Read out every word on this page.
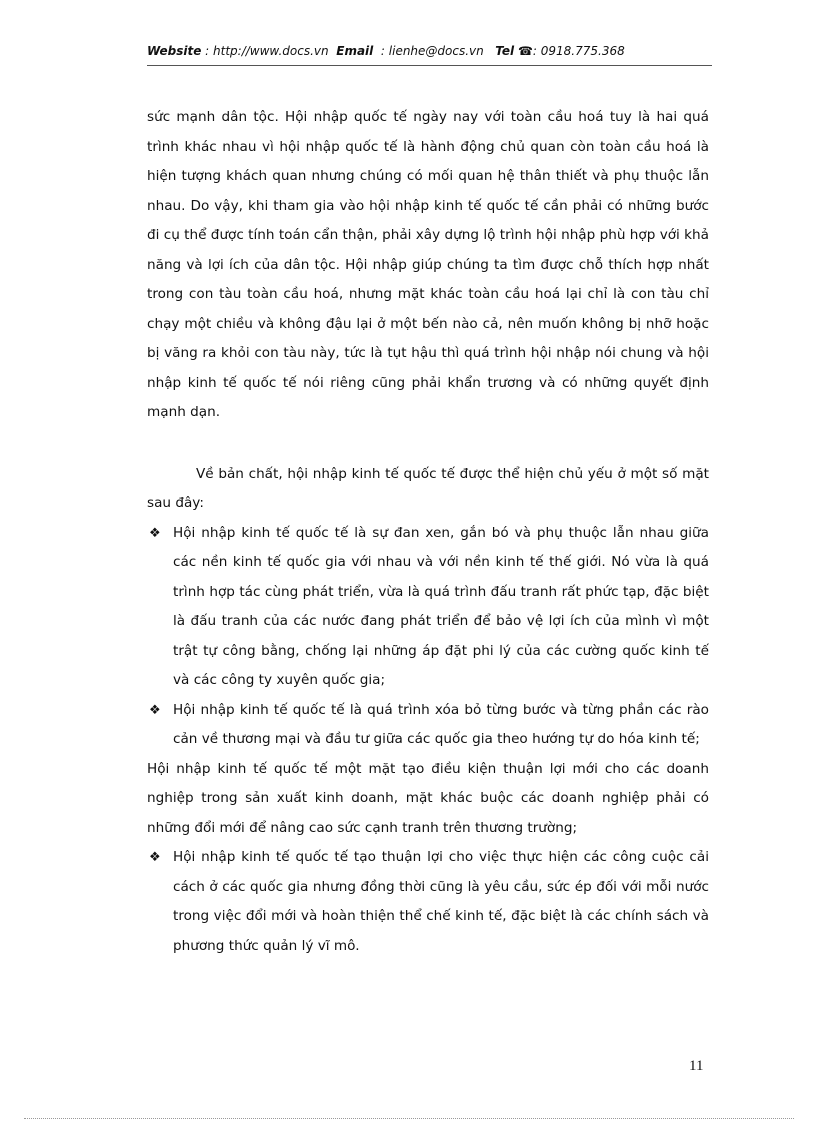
Website : http://www.docs.vn Email : lienhe@docs.vn Tel ☎: 0918.775.368

sức mạnh dân tộc. Hội nhập quốc tế ngày nay với toàn cầu hoá tuy là hai quá trình khác nhau vì hội nhập quốc tế là hành động chủ quan còn toàn cầu hoá là hiện tượng khách quan nhưng chúng có mối quan hệ thân thiết và phụ thuộc lẫn nhau. Do vậy, khi tham gia vào hội nhập kinh tế quốc tế cần phải có những bước đi cụ thể được tính toán cẩn thận, phải xây dựng lộ trình hội nhập phù hợp với khả năng và lợi ích của dân tộc. Hội nhập giúp chúng ta tìm được chỗ thích hợp nhất trong con tàu toàn cầu hoá, nhưng mặt khác toàn cầu hoá lại chỉ là con tàu chỉ chạy một chiều và không đậu lại ở một bến nào cả, nên muốn không bị nhỡ hoặc bị văng ra khỏi con tàu này, tức là tụt hậu thì quá trình hội nhập nói chung và hội nhập kinh tế quốc tế nói riêng cũng phải khẩn trương và có những quyết định mạnh dạn.

Về bản chất, hội nhập kinh tế quốc tế được thể hiện chủ yếu ở một số mặt sau đây:

❖ Hội nhập kinh tế quốc tế là sự đan xen, gắn bó và phụ thuộc lẫn nhau giữa các nền kinh tế quốc gia với nhau và với nền kinh tế thế giới. Nó vừa là quá trình hợp tác cùng phát triển, vừa là quá trình đấu tranh rất phức tạp, đặc biệt là đấu tranh của các nước đang phát triển để bảo vệ lợi ích của mình vì một trật tự công bằng, chống lại những áp đặt phi lý của các cường quốc kinh tế và các công ty xuyên quốc gia;

❖ Hội nhập kinh tế quốc tế là quá trình xóa bỏ từng bước và từng phần các rào cản về thương mại và đầu tư giữa các quốc gia theo hướng tự do hóa kinh tế;

Hội nhập kinh tế quốc tế một mặt tạo điều kiện thuận lợi mới cho các doanh nghiệp trong sản xuất kinh doanh, mặt khác buộc các doanh nghiệp phải có những đổi mới để nâng cao sức cạnh tranh trên thương trường;

❖ Hội nhập kinh tế quốc tế tạo thuận lợi cho việc thực hiện các công cuộc cải cách ở các quốc gia nhưng đồng thời cũng là yêu cầu, sức ép đối với mỗi nước trong việc đổi mới và hoàn thiện thể chế kinh tế, đặc biệt là các chính sách và phương thức quản lý vĩ mô.

11
